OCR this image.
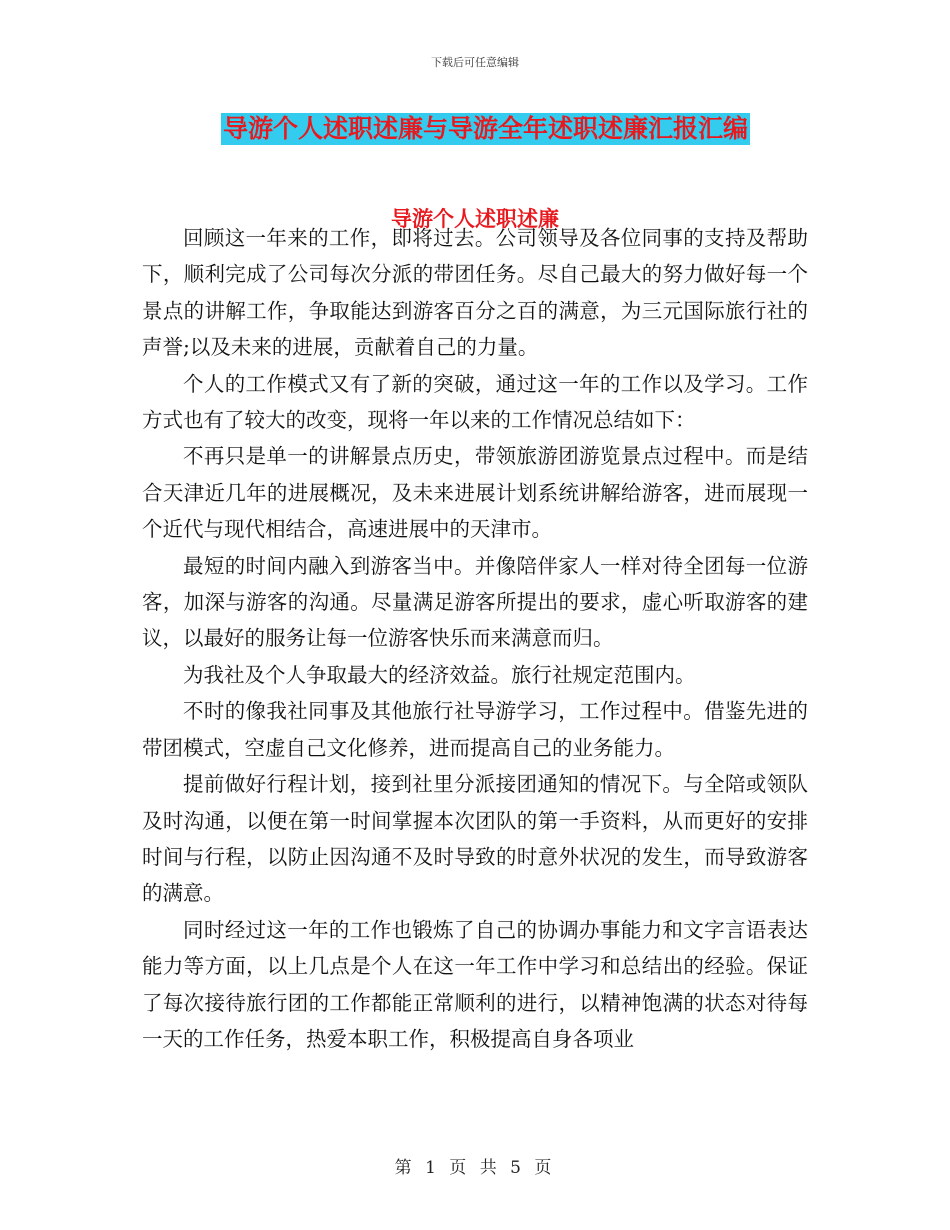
下载后可任意编辑
导游个人述职述廉与导游全年述职述廉汇报汇编
导游个人述职述廉

回顾这一年来的工作，即将过去。公司领导及各位同事的支持及帮助下，顺利完成了公司每次分派的带团任务。尽自己最大的努力做好每一个景点的讲解工作，争取能达到游客百分之百的满意，为三元国际旅行社的声誉;以及未来的进展，贡献着自己的力量。

个人的工作模式又有了新的突破，通过这一年的工作以及学习。工作方式也有了较大的改变，现将一年以来的工作情况总结如下：

不再只是单一的讲解景点历史，带领旅游团游览景点过程中。而是结合天津近几年的进展概况，及未来进展计划系统讲解给游客，进而展现一个近代与现代相结合，高速进展中的天津市。

最短的时间内融入到游客当中。并像陪伴家人一样对待全团每一位游客，加深与游客的沟通。尽量满足游客所提出的要求，虚心听取游客的建议，以最好的服务让每一位游客快乐而来满意而归。

为我社及个人争取最大的经济效益。旅行社规定范围内。

不时的像我社同事及其他旅行社导游学习，工作过程中。借鉴先进的带团模式，空虚自己文化修养，进而提高自己的业务能力。

提前做好行程计划，接到社里分派接团通知的情况下。与全陪或领队及时沟通，以便在第一时间掌握本次团队的第一手资料，从而更好的安排时间与行程，以防止因沟通不及时导致的时意外状况的发生，而导致游客的满意。

同时经过这一年的工作也锻炼了自己的协调办事能力和文字言语表达能力等方面，以上几点是个人在这一年工作中学习和总结出的经验。保证了每次接待旅行团的工作都能正常顺利的进行，以精神饱满的状态对待每一天的工作任务，热爱本职工作，积极提高自身各项业

第 1 页 共 5 页
